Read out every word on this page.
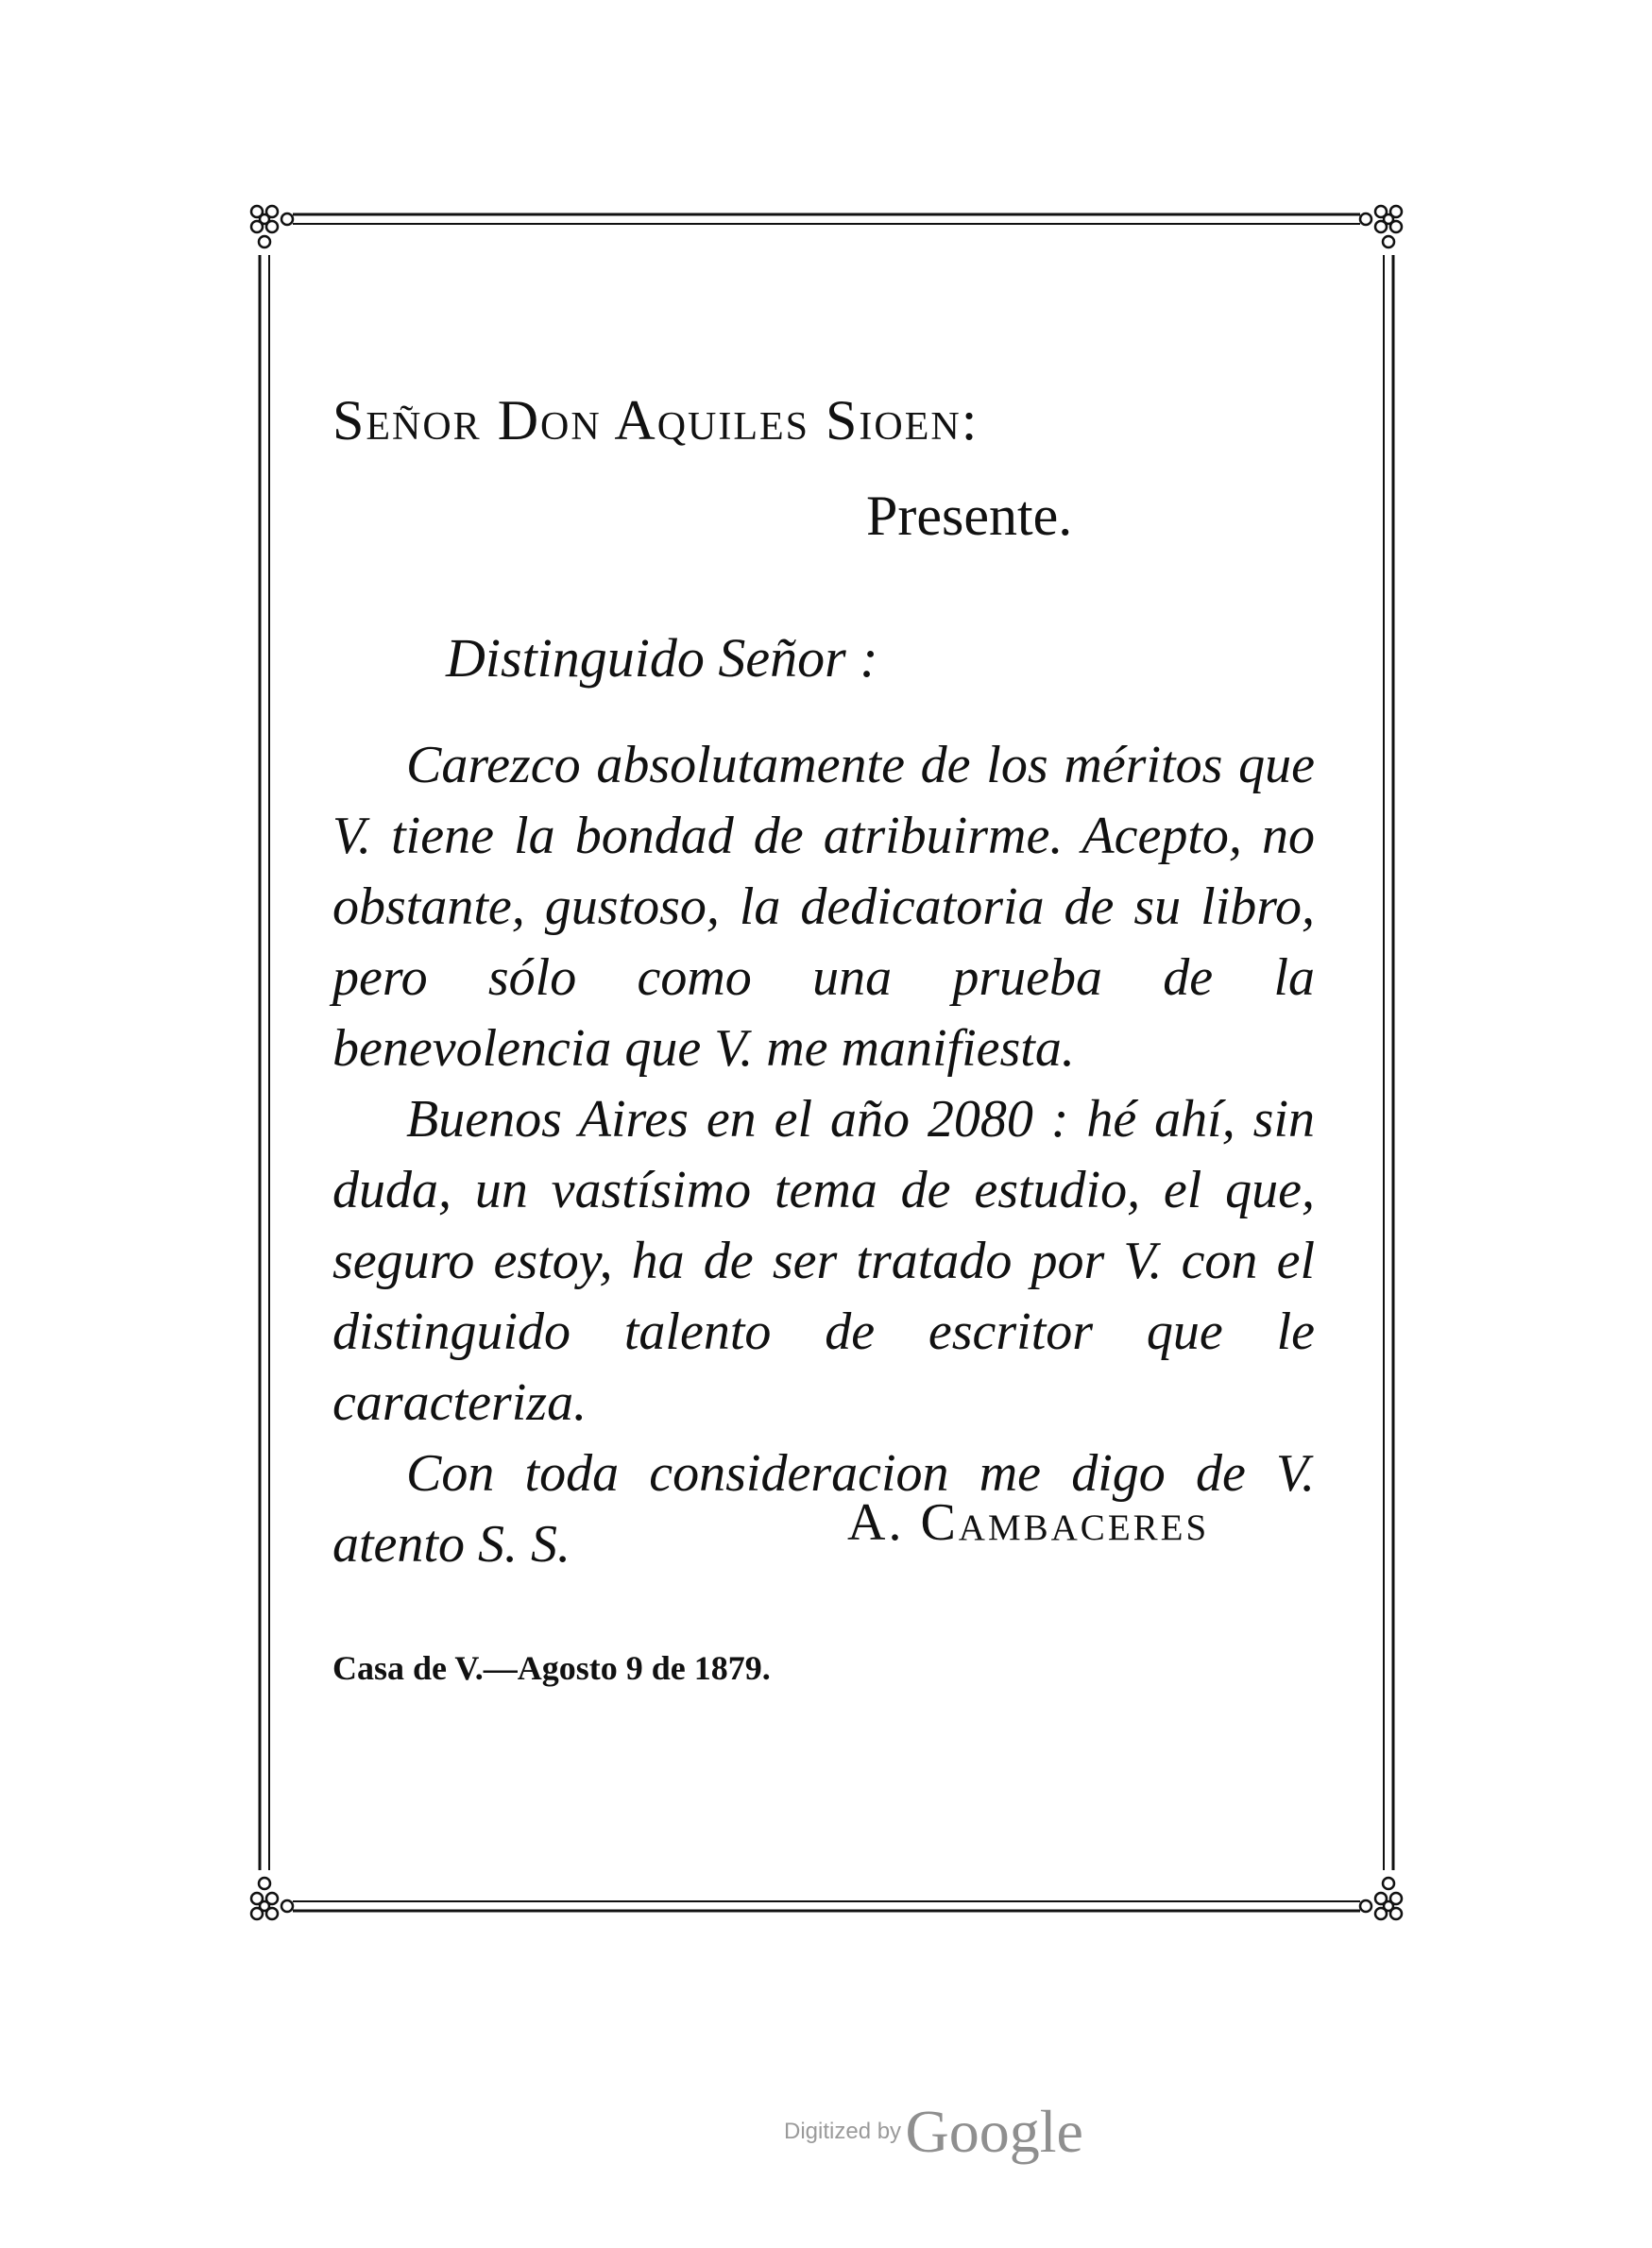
Señor Don Aquiles Sioen:

Presente.

Distinguido Señor :

Carezco absolutamente de los méritos que V. tiene la bondad de atribuirme. Acepto, no obstante, gustoso, la dedicatoria de su libro, pero sólo como una prueba de la benevolencia que V. me manifiesta.

Buenos Aires en el año 2080 : hé ahí, sin duda, un vastísimo tema de estudio, el que, seguro estoy, ha de ser tratado por V. con el distinguido talento de escritor que le caracteriza.

Con toda consideracion me digo de V. atento S. S.	A. Cambaceres

Casa de V.—Agosto 9 de 1879.

Digitized by Google
